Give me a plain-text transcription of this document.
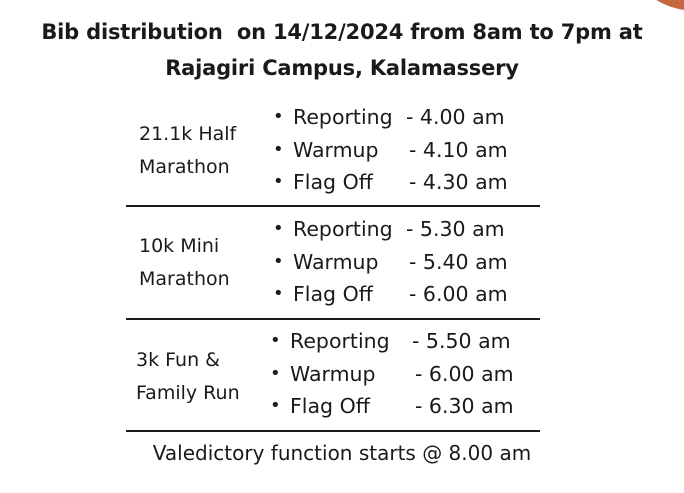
Bib distribution  on 14/12/2024 from 8am to 7pm at
Rajagiri Campus, Kalamassery
21.1k Half
Marathon
• Reporting - 4.00 am
• Warmup - 4.10 am
• Flag Off - 4.30 am
10k Mini
Marathon
• Reporting - 5.30 am
• Warmup - 5.40 am
• Flag Off - 6.00 am
3k Fun &
Family Run
• Reporting - 5.50 am
• Warmup - 6.00 am
• Flag Off - 6.30 am
Valedictory function starts @ 8.00 am
